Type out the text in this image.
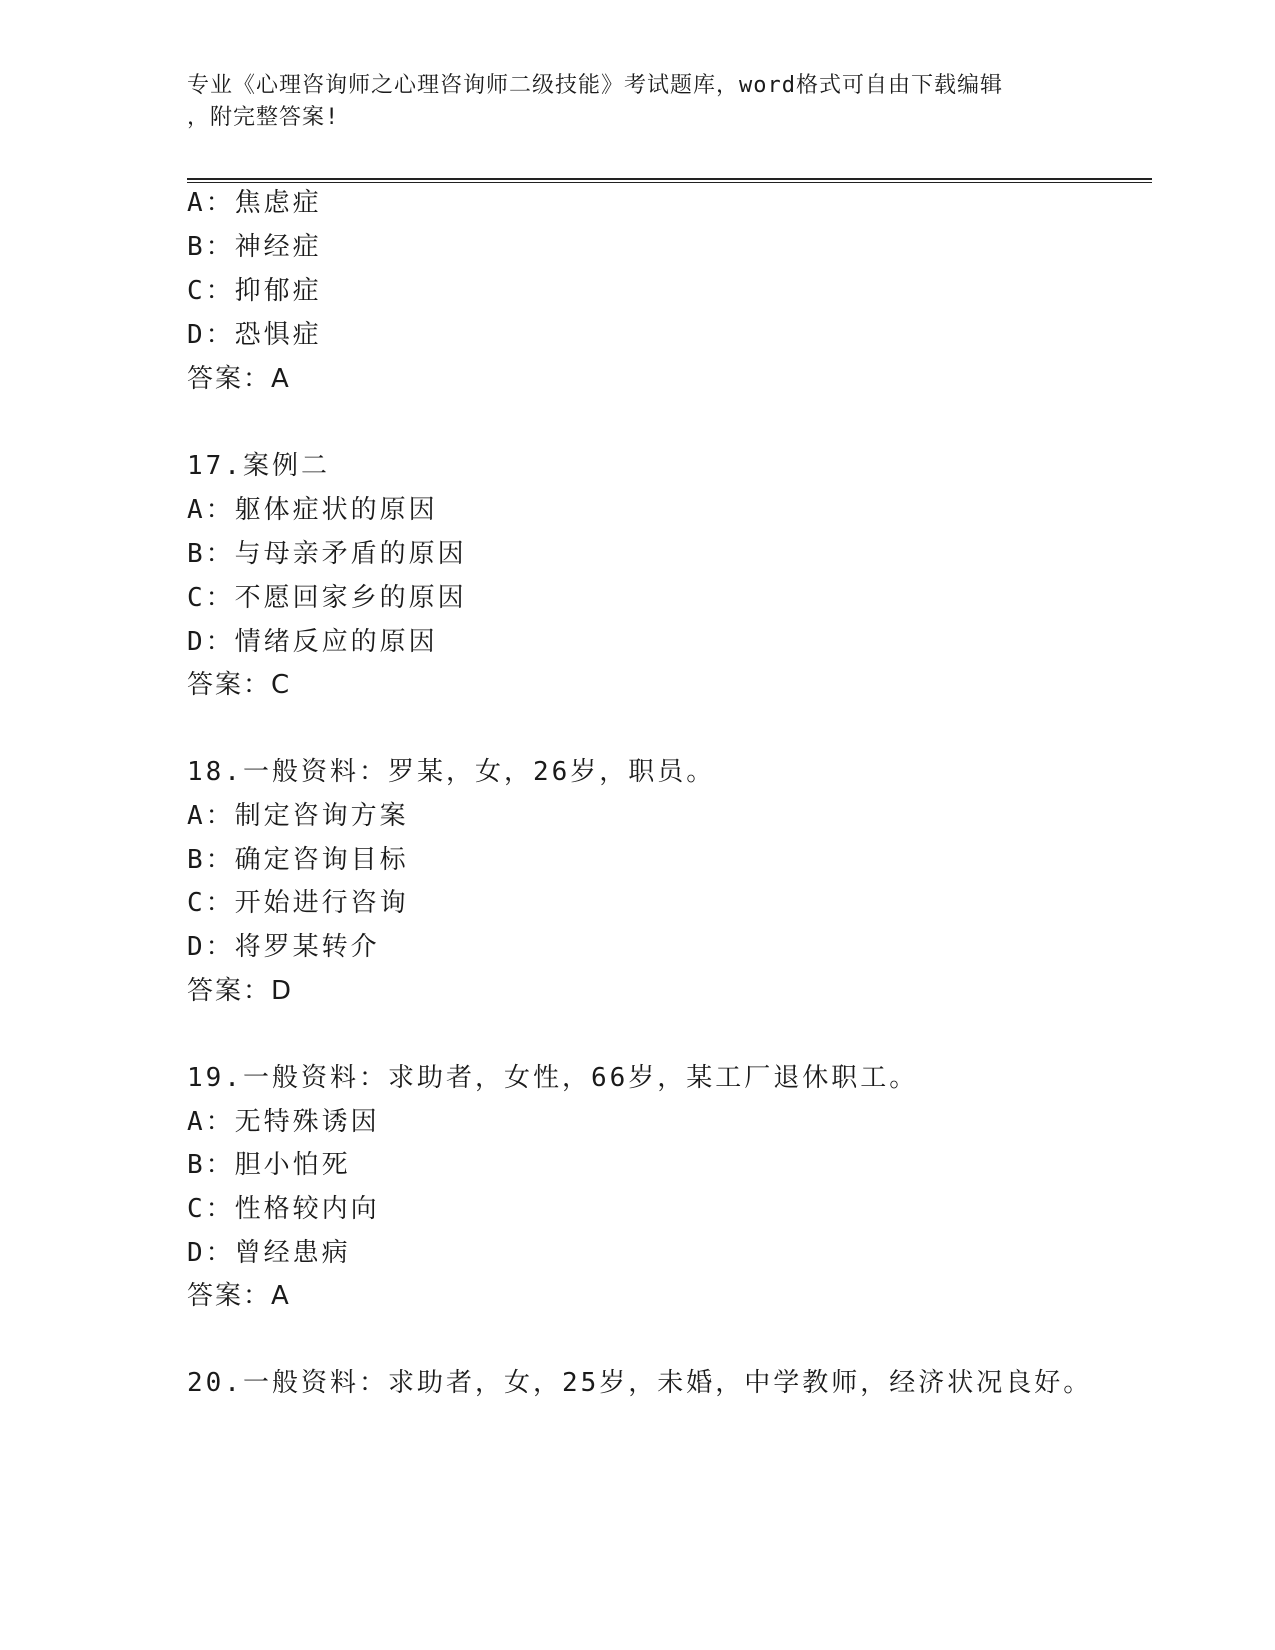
专业《心理咨询师之心理咨询师二级技能》考试题库，word格式可自由下载编辑
，附完整答案!
A：焦虑症
B：神经症
C：抑郁症
D：恐惧症
答案：A
17.案例二
A：躯体症状的原因
B：与母亲矛盾的原因
C：不愿回家乡的原因
D：情绪反应的原因
答案：C
18.一般资料：罗某，女，26岁，职员。
A：制定咨询方案
B：确定咨询目标
C：开始进行咨询
D：将罗某转介
答案：D
19.一般资料：求助者，女性，66岁，某工厂退休职工。
A：无特殊诱因
B：胆小怕死
C：性格较内向
D：曾经患病
答案：A
20.一般资料：求助者，女，25岁，未婚，中学教师，经济状况良好。
